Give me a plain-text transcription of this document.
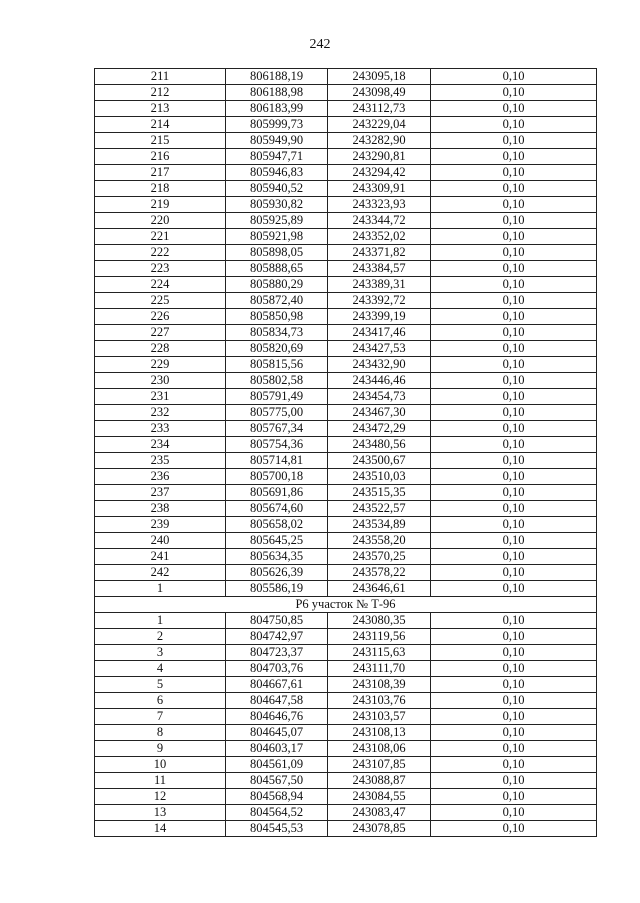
242
211	806188,19	243095,18	0,10
212	806188,98	243098,49	0,10
213	806183,99	243112,73	0,10
214	805999,73	243229,04	0,10
215	805949,90	243282,90	0,10
216	805947,71	243290,81	0,10
217	805946,83	243294,42	0,10
218	805940,52	243309,91	0,10
219	805930,82	243323,93	0,10
220	805925,89	243344,72	0,10
221	805921,98	243352,02	0,10
222	805898,05	243371,82	0,10
223	805888,65	243384,57	0,10
224	805880,29	243389,31	0,10
225	805872,40	243392,72	0,10
226	805850,98	243399,19	0,10
227	805834,73	243417,46	0,10
228	805820,69	243427,53	0,10
229	805815,56	243432,90	0,10
230	805802,58	243446,46	0,10
231	805791,49	243454,73	0,10
232	805775,00	243467,30	0,10
233	805767,34	243472,29	0,10
234	805754,36	243480,56	0,10
235	805714,81	243500,67	0,10
236	805700,18	243510,03	0,10
237	805691,86	243515,35	0,10
238	805674,60	243522,57	0,10
239	805658,02	243534,89	0,10
240	805645,25	243558,20	0,10
241	805634,35	243570,25	0,10
242	805626,39	243578,22	0,10
1	805586,19	243646,61	0,10
Р6 участок № Т-96			
1	804750,85	243080,35	0,10
2	804742,97	243119,56	0,10
3	804723,37	243115,63	0,10
4	804703,76	243111,70	0,10
5	804667,61	243108,39	0,10
6	804647,58	243103,76	0,10
7	804646,76	243103,57	0,10
8	804645,07	243108,13	0,10
9	804603,17	243108,06	0,10
10	804561,09	243107,85	0,10
11	804567,50	243088,87	0,10
12	804568,94	243084,55	0,10
13	804564,52	243083,47	0,10
14	804545,53	243078,85	0,10
